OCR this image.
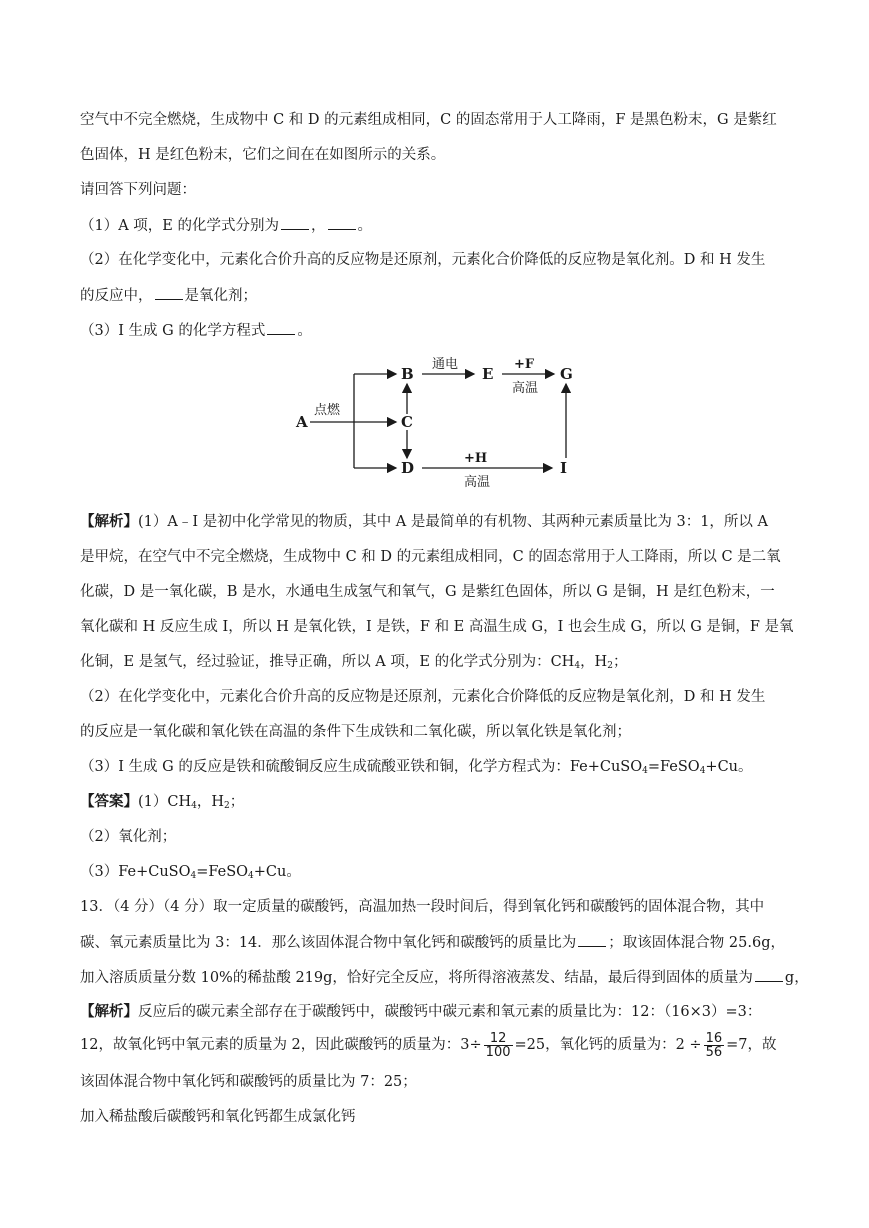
空气中不完全燃烧，生成物中 C 和 D 的元素组成相同，C 的固态常用于人工降雨，F 是黑色粉末，G 是紫红
色固体，H 是红色粉末，它们之间在在如图所示的关系。
请回答下列问题：
（1）A 项，E 的化学式分别为 ， 。
（2）在化学变化中，元素化合价升高的反应物是还原剂，元素化合价降低的反应物是氧化剂。D 和 H 发生
的反应中， 是氧化剂；
（3）I 生成 G 的化学方程式 。
A
B
C
D
E	G
I
点燃
通电	+F
高温
+H
高温
【解析】(1）A﹣I 是初中化学常见的物质，其中 A 是最简单的有机物、其两种元素质量比为 3：1，所以 A
是甲烷，在空气中不完全燃烧，生成物中 C 和 D 的元素组成相同，C 的固态常用于人工降雨，所以 C 是二氧
化碳，D 是一氧化碳，B 是水，水通电生成氢气和氧气，G 是紫红色固体，所以 G 是铜，H 是红色粉末，一
氧化碳和 H 反应生成 I，所以 H 是氧化铁，I 是铁，F 和 E 高温生成 G，I 也会生成 G，所以 G 是铜，F 是氧
化铜，E 是氢气，经过验证，推导正确，所以 A 项，E 的化学式分别为：$CH_4$，$H_2$；
（2）在化学变化中，元素化合价升高的反应物是还原剂，元素化合价降低的反应物是氧化剂，D 和 H 发生
的反应是一氧化碳和氧化铁在高温的条件下生成铁和二氧化碳，所以氧化铁是氧化剂；
（3）I 生成 G 的反应是铁和硫酸铜反应生成硫酸亚铁和铜，化学方程式为：Fe+CuSO$_4$=FeSO$_4$+Cu。
【答案】$(1)CH_4$，$H_2$；
（2）氧化剂；
（3）Fe+CuSO$_4$=FeSO$_4$+Cu。
13．（4 分）（4 分）取一定质量的碳酸钙，高温加热一段时间后，得到氧化钙和碳酸钙的固体混合物，其中
碳、氧元素质量比为 3：14．那么该固体混合物中氧化钙和碳酸钙的质量比为 ；取该固体混合物 25.6g，
加入溶质质量分数 10%的稀盐酸 219g，恰好完全反应，将所得溶液蒸发、结晶，最后得到固体的质量为 g，
【解析】反应后的碳元素全部存在于碳酸钙中，碳酸钙中碳元素和氧元素的质量比为：12：（16×3）=3：
12，故氧化钙中氧元素的质量为 2，因此碳酸钙的质量为：$3\div \frac{12}{100} =25$，氧化钙的质量为：$2 \div \frac{16}{56} =7$，故
该固体混合物中氧化钙和碳酸钙的质量比为 7：25；
加入稀盐酸后碳酸钙和氧化钙都生成氯化钙
